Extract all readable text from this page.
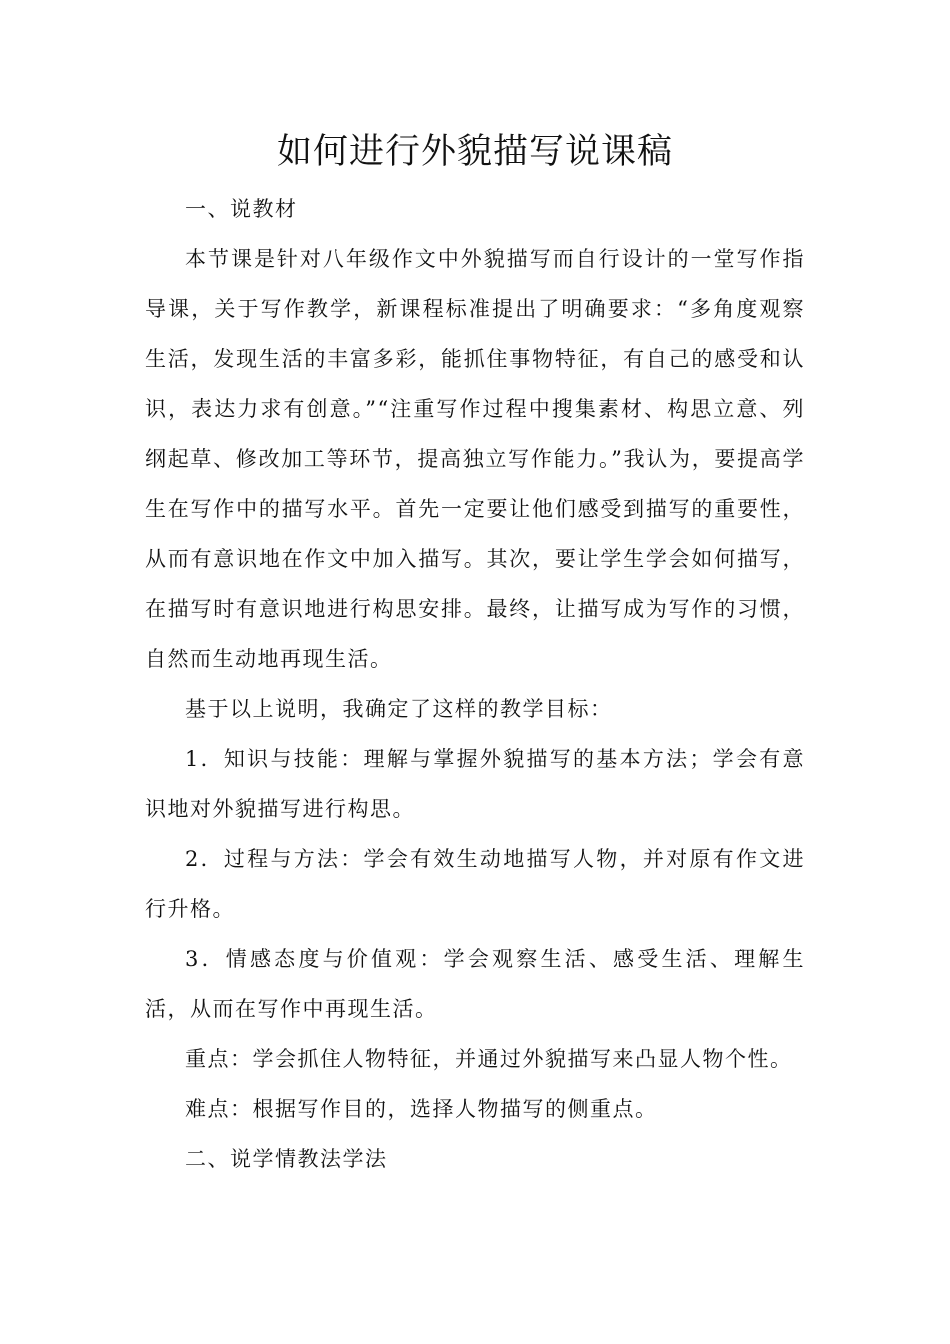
如何进行外貌描写说课稿

一、说教材

本节课是针对八年级作文中外貌描写而自行设计的一堂写作指导课，关于写作教学，新课程标准提出了明确要求：“多角度观察生活，发现生活的丰富多彩，能抓住事物特征，有自己的感受和认识，表达力求有创意。”“注重写作过程中搜集素材、构思立意、列纲起草、修改加工等环节，提高独立写作能力。”我认为，要提高学生在写作中的描写水平。首先一定要让他们感受到描写的重要性，从而有意识地在作文中加入描写。其次，要让学生学会如何描写，在描写时有意识地进行构思安排。最终，让描写成为写作的习惯，自然而生动地再现生活。

基于以上说明，我确定了这样的教学目标：

1．知识与技能：理解与掌握外貌描写的基本方法；学会有意识地对外貌描写进行构思。

2．过程与方法：学会有效生动地描写人物，并对原有作文进行升格。

3．情感态度与价值观：学会观察生活、感受生活、理解生活，从而在写作中再现生活。

重点：学会抓住人物特征，并通过外貌描写来凸显人物个性。

难点：根据写作目的，选择人物描写的侧重点。

二、说学情教法学法
